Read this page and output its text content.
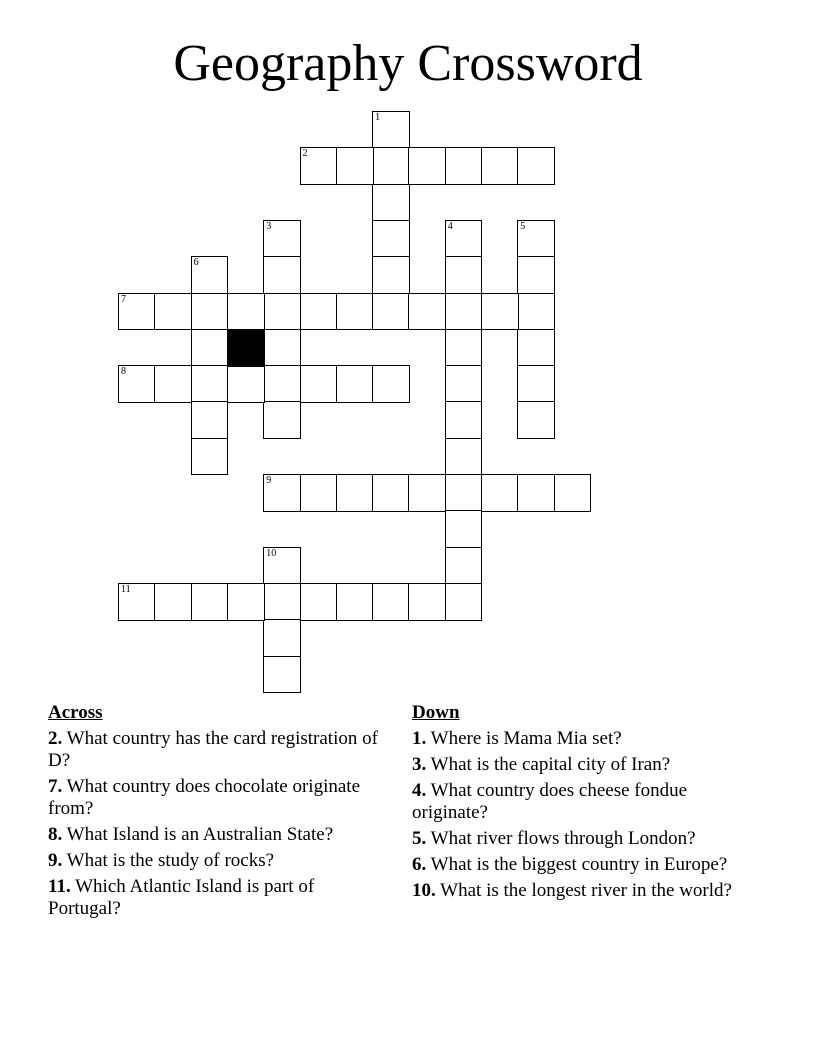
Geography Crossword
1
2
3	4	5
6
7
8
9
10
11
Across
2. What country has the card registration of D?
7. What country does chocolate originate from?
8. What Island is an Australian State?
9. What is the study of rocks?
11. Which Atlantic Island is part of Portugal?
Down
1. Where is Mama Mia set?
3. What is the capital city of Iran?
4. What country does cheese fondue originate?
5. What river flows through London?
6. What is the biggest country in Europe?
10. What is the longest river in the world?
